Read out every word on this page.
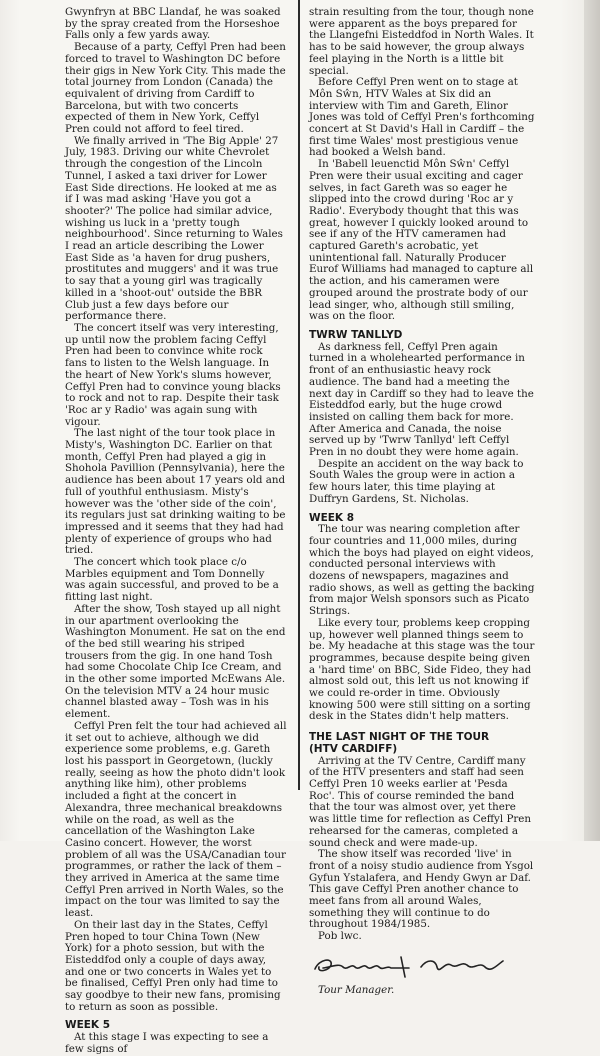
Gwynfryn at BBC Llandaf, he was soaked by the spray created from the Horseshoe Falls only a few yards away.

Because of a party, Ceffyl Pren had been forced to travel to Washington DC before their gigs in New York City. This made the total journey from London (Canada) the equivalent of driving from Cardiff to Barcelona, but with two concerts expected of them in New York, Ceffyl Pren could not afford to feel tired.

We finally arrived in 'The Big Apple' 27 July, 1983. Driving our white Chevrolet through the congestion of the Lincoln Tunnel, I asked a taxi driver for Lower East Side directions. He looked at me as if I was mad asking 'Have you got a shooter?' The police had similar advice, wishing us luck in a 'pretty tough neighbourhood'. Since returning to Wales I read an article describing the Lower East Side as 'a haven for drug pushers, prostitutes and muggers' and it was true to say that a young girl was tragically killed in a 'shoot-out' outside the BBR Club just a few days before our performance there.

The concert itself was very interesting, up until now the problem facing Ceffyl Pren had been to convince white rock fans to listen to the Welsh language. In the heart of New York's slums however, Ceffyl Pren had to convince young blacks to rock and not to rap. Despite their task 'Roc ar y Radio' was again sung with vigour.

The last night of the tour took place in Misty's, Washington DC. Earlier on that month, Ceffyl Pren had played a gig in Shohola Pavillion (Pennsylvania), here the audience has been about 17 years old and full of youthful enthusiasm. Misty's however was the 'other side of the coin', its regulars just sat drinking waiting to be impressed and it seems that they had had plenty of experience of groups who had tried.

The concert which took place c/o Marbles equipment and Tom Donnelly was again successful, and proved to be a fitting last night.

After the show, Tosh stayed up all night in our apartment overlooking the Washington Monument. He sat on the end of the bed still wearing his striped trousers from the gig. In one hand Tosh had some Chocolate Chip Ice Cream, and in the other some imported McEwans Ale. On the television MTV a 24 hour music channel blasted away – Tosh was in his element.

Ceffyl Pren felt the tour had achieved all it set out to achieve, although we did experience some problems, e.g. Gareth lost his passport in Georgetown, (luckly really, seeing as how the photo didn't look anything like him), other problems included a fight at the concert in Alexandra, three mechanical breakdowns while on the road, as well as the cancellation of the Washington Lake Casino concert. However, the worst problem of all was the USA/Canadian tour programmes, or rather the lack of them – they arrived in America at the same time Ceffyl Pren arrived in North Wales, so the impact on the tour was limited to say the least.

On their last day in the States, Ceffyl Pren hoped to tour China Town (New York) for a photo session, but with the Eisteddfod only a couple of days away, and one or two concerts in Wales yet to be finalised, Ceffyl Pren only had time to say goodbye to their new fans, promising to return as soon as possible.

WEEK 5

At this stage I was expecting to see a few signs of

strain resulting from the tour, though none were apparent as the boys prepared for the Llangefni Eisteddfod in North Wales. It has to be said however, the group always feel playing in the North is a little bit special.

Before Ceffyl Pren went on to stage at Môn Sŵn, HTV Wales at Six did an interview with Tim and Gareth, Elinor Jones was told of Ceffyl Pren's forthcoming concert at St David's Hall in Cardiff – the first time Wales' most prestigious venue had booked a Welsh band.

In 'Babell leuenctid Môn Sŵn' Ceffyl Pren were their usual exciting and cager selves, in fact Gareth was so eager he slipped into the crowd during 'Roc ar y Radio'. Everybody thought that this was great, however I quickly looked around to see if any of the HTV cameramen had captured Gareth's acrobatic, yet unintentional fall. Naturally Producer Eurof Williams had managed to capture all the action, and his cameramen were grouped around the prostrate body of our lead singer, who, although still smiling, was on the floor.

TWRW TANLLYD

As darkness fell, Ceffyl Pren again turned in a wholehearted performance in front of an enthusiastic heavy rock audience. The band had a meeting the next day in Cardiff so they had to leave the Eisteddfod early, but the huge crowd insisted on calling them back for more. After America and Canada, the noise served up by 'Twrw Tanllyd' left Ceffyl Pren in no doubt they were home again.

Despite an accident on the way back to South Wales the group were in action a few hours later, this time playing at Duffryn Gardens, St. Nicholas.

WEEK 8

The tour was nearing completion after four countries and 11,000 miles, during which the boys had played on eight videos, conducted personal interviews with dozens of newspapers, magazines and radio shows, as well as getting the backing from major Welsh sponsors such as Picato Strings.

Like every tour, problems keep cropping up, however well planned things seem to be. My headache at this stage was the tour programmes, because despite being given a 'hard time' on BBC, Side Fideo, they had almost sold out, this left us not knowing if we could re-order in time. Obviously knowing 500 were still sitting on a sorting desk in the States didn't help matters.

THE LAST NIGHT OF THE TOUR
(HTV CARDIFF)

Arriving at the TV Centre, Cardiff many of the HTV presenters and staff had seen Ceffyl Pren 10 weeks earlier at 'Pesda Roc'. This of course reminded the band that the tour was almost over, yet there was little time for reflection as Ceffyl Pren rehearsed for the cameras, completed a sound check and were made-up.

The show itself was recorded 'live' in front of a noisy studio audience from Ysgol Gyfun Ystalafera, and Hendy Gwyn ar Daf. This gave Ceffyl Pren another chance to meet fans from all around Wales, something they will continue to do throughout 1984/1985.

Pob lwc.

Tour Manager.
